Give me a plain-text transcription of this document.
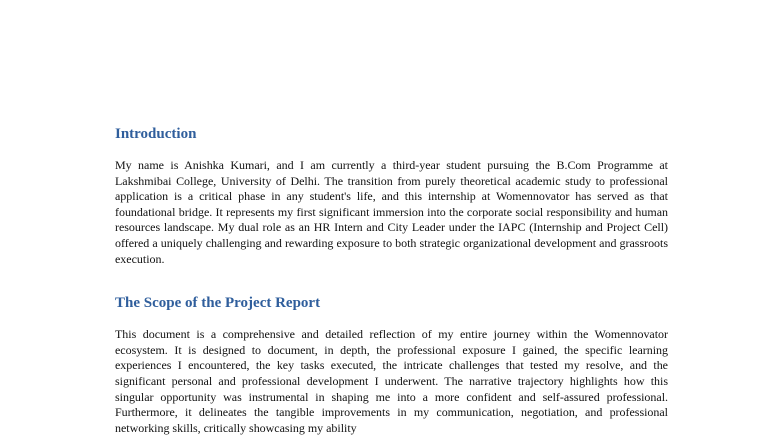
Introduction

My name is Anishka Kumari, and I am currently a third-year student pursuing the B.Com Programme at Lakshmibai College, University of Delhi. The transition from purely theoretical academic study to professional application is a critical phase in any student's life, and this internship at Womennovator has served as that foundational bridge. It represents my first significant immersion into the corporate social responsibility and human resources landscape. My dual role as an HR Intern and City Leader under the IAPC (Internship and Project Cell) offered a uniquely challenging and rewarding exposure to both strategic organizational development and grassroots execution.

The Scope of the Project Report

This document is a comprehensive and detailed reflection of my entire journey within the Womennovator ecosystem. It is designed to document, in depth, the professional exposure I gained, the specific learning experiences I encountered, the key tasks executed, the intricate challenges that tested my resolve, and the significant personal and professional development I underwent. The narrative trajectory highlights how this singular opportunity was instrumental in shaping me into a more confident and self-assured professional. Furthermore, it delineates the tangible improvements in my communication, negotiation, and professional networking skills, critically showcasing my ability
